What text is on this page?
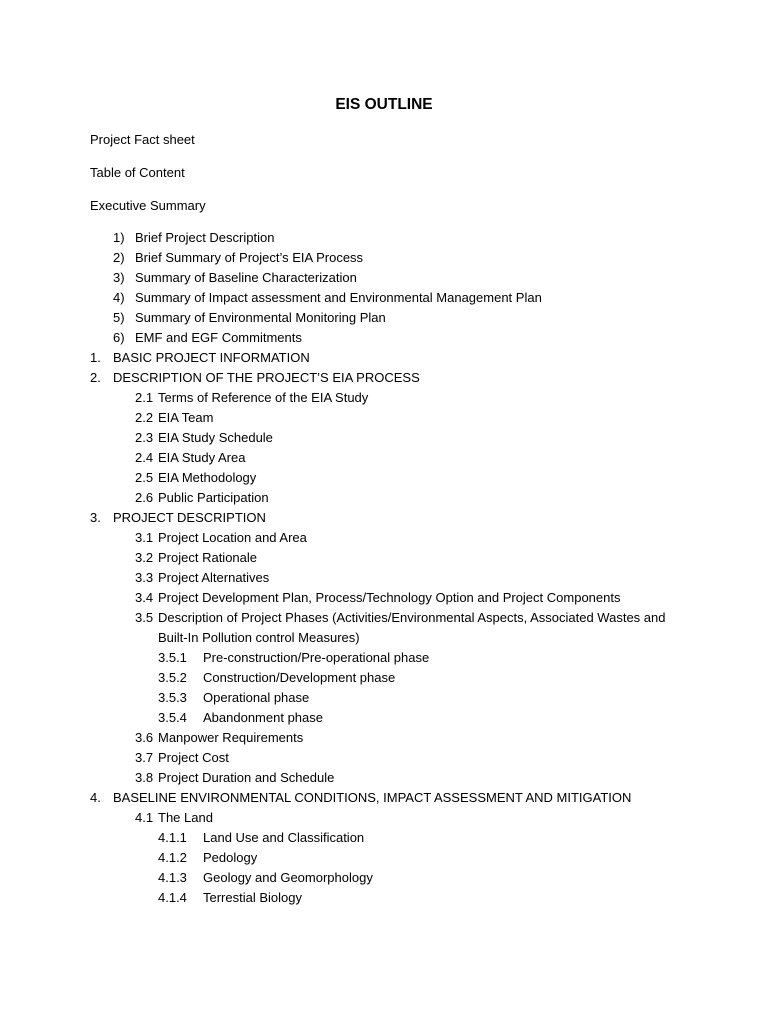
EIS OUTLINE
Project Fact sheet
Table of Content
Executive Summary
1) Brief Project Description
2) Brief Summary of Project’s EIA Process
3) Summary of Baseline Characterization
4) Summary of Impact assessment and Environmental Management Plan
5) Summary of Environmental Monitoring Plan
6) EMF and EGF Commitments
1. BASIC PROJECT INFORMATION
2. DESCRIPTION OF THE PROJECT’S EIA PROCESS
2.1 Terms of Reference of the EIA Study
2.2 EIA Team
2.3 EIA Study Schedule
2.4 EIA Study Area
2.5 EIA Methodology
2.6 Public Participation
3. PROJECT DESCRIPTION
3.1 Project Location and Area
3.2 Project Rationale
3.3 Project Alternatives
3.4 Project Development Plan, Process/Technology Option and Project Components
3.5 Description of Project Phases (Activities/Environmental Aspects, Associated Wastes and
Built-In Pollution control Measures)
3.5.1 Pre-construction/Pre-operational phase
3.5.2 Construction/Development phase
3.5.3 Operational phase
3.5.4 Abandonment phase
3.6 Manpower Requirements
3.7 Project Cost
3.8 Project Duration and Schedule
4. BASELINE ENVIRONMENTAL CONDITIONS, IMPACT ASSESSMENT AND MITIGATION
4.1 The Land
4.1.1 Land Use and Classification
4.1.2 Pedology
4.1.3 Geology and Geomorphology
4.1.4 Terrestial Biology
